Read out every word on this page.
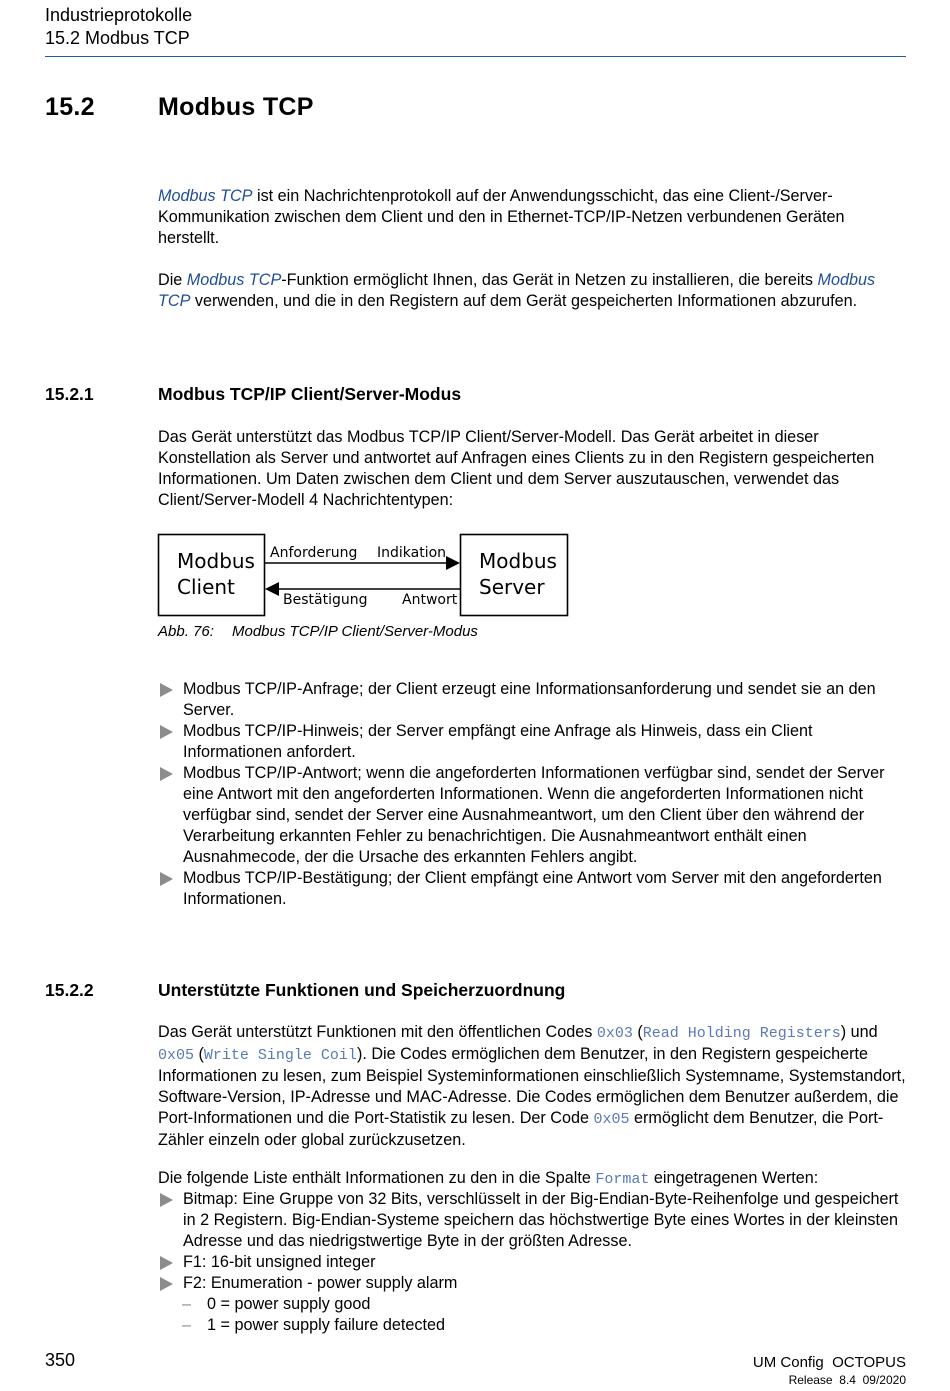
Industrieprotokolle
15.2 Modbus TCP
15.2	Modbus TCP

Modbus TCP ist ein Nachrichtenprotokoll auf der Anwendungsschicht, das eine Client-/Server-Kommunikation zwischen dem Client und den in Ethernet-TCP/IP-Netzen verbundenen Geräten herstellt.

Die Modbus TCP-Funktion ermöglicht Ihnen, das Gerät in Netzen zu installieren, die bereits Modbus TCP verwenden, und die in den Registern auf dem Gerät gespeicherten Informationen abzurufen.

15.2.1	Modbus TCP/IP Client/Server-Modus

Das Gerät unterstützt das Modbus TCP/IP Client/Server-Modell. Das Gerät arbeitet in dieser Konstellation als Server und antwortet auf Anfragen eines Clients zu in den Registern gespeicherten Informationen. Um Daten zwischen dem Client und dem Server auszutauschen, verwendet das Client/Server-Modell 4 Nachrichtentypen:

Modbus
Client
Modbus
Server
Anforderung Indikation
Bestätigung Antwort
Abb. 76: Modbus TCP/IP Client/Server-Modus
Modbus TCP/IP-Anfrage; der Client erzeugt eine Informationsanforderung und sendet sie an den Server.
Modbus TCP/IP-Hinweis; der Server empfängt eine Anfrage als Hinweis, dass ein Client Informationen anfordert.
Modbus TCP/IP-Antwort; wenn die angeforderten Informationen verfügbar sind, sendet der Server eine Antwort mit den angeforderten Informationen. Wenn die angeforderten Informationen nicht verfügbar sind, sendet der Server eine Ausnahmeantwort, um den Client über den während der Verarbeitung erkannten Fehler zu benachrichtigen. Die Ausnahmeantwort enthält einen Ausnahmecode, der die Ursache des erkannten Fehlers angibt.
Modbus TCP/IP-Bestätigung; der Client empfängt eine Antwort vom Server mit den angeforderten Informationen.
15.2.2	Unterstützte Funktionen und Speicherzuordnung

Das Gerät unterstützt Funktionen mit den öffentlichen Codes 0x03 (Read Holding Registers) und 0x05 (Write Single Coil). Die Codes ermöglichen dem Benutzer, in den Registern gespeicherte Informationen zu lesen, zum Beispiel Systeminformationen einschließlich Systemname, Systemstandort, Software-Version, IP-Adresse und MAC-Adresse. Die Codes ermöglichen dem Benutzer außerdem, die Port-Informationen und die Port-Statistik zu lesen. Der Code 0x05 ermöglicht dem Benutzer, die Port-Zähler einzeln oder global zurückzusetzen.

Die folgende Liste enthält Informationen zu den in die Spalte Format eingetragenen Werten:

Bitmap: Eine Gruppe von 32 Bits, verschlüsselt in der Big-Endian-Byte-Reihenfolge und gespeichert in 2 Registern. Big-Endian-Systeme speichern das höchstwertige Byte eines Wortes in der kleinsten Adresse und das niedrigstwertige Byte in der größten Adresse.
F1: 16-bit unsigned integer
F2: Enumeration - power supply alarm
– 0 = power supply good
– 1 = power supply failure detected
350	UM Config  OCTOPUS
Release  8.4  09/2020
